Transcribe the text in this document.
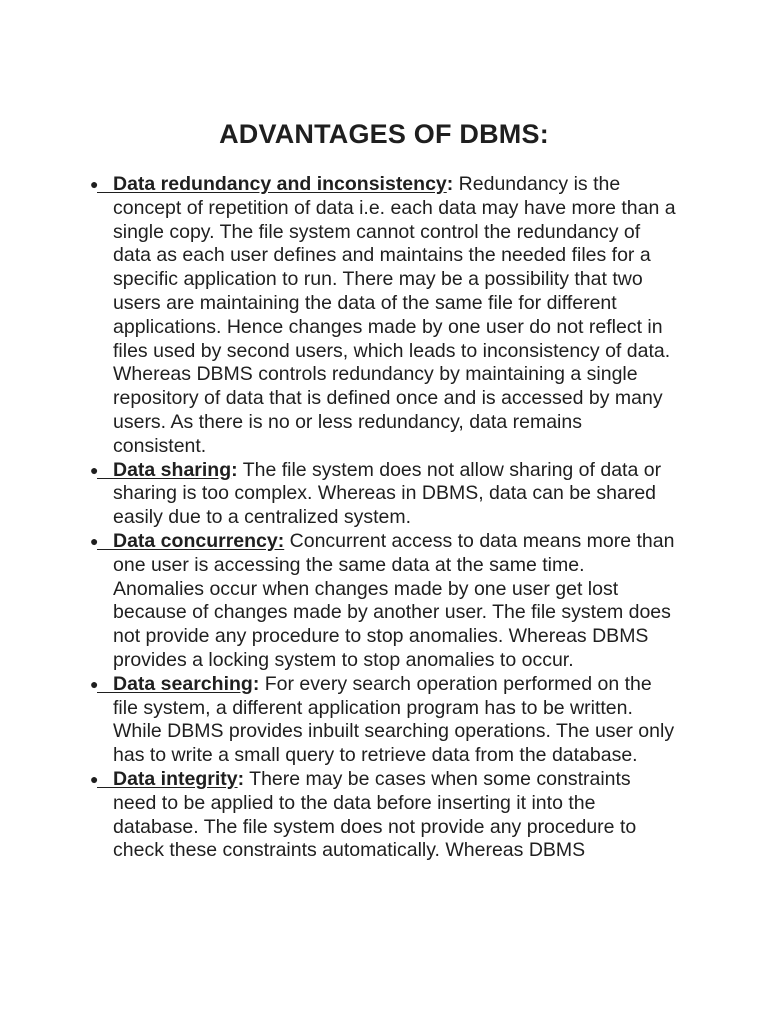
ADVANTAGES OF DBMS:
● Data redundancy and inconsistency: Redundancy is the concept of repetition of data i.e. each data may have more than a single copy. The file system cannot control the redundancy of data as each user defines and maintains the needed files for a specific application to run. There may be a possibility that two users are maintaining the data of the same file for different applications. Hence changes made by one user do not reflect in files used by second users, which leads to inconsistency of data. Whereas DBMS controls redundancy by maintaining a single repository of data that is defined once and is accessed by many users. As there is no or less redundancy, data remains consistent.
● Data sharing: The file system does not allow sharing of data or sharing is too complex. Whereas in DBMS, data can be shared easily due to a centralized system.
● Data concurrency: Concurrent access to data means more than one user is accessing the same data at the same time. Anomalies occur when changes made by one user get lost because of changes made by another user. The file system does not provide any procedure to stop anomalies. Whereas DBMS provides a locking system to stop anomalies to occur.
● Data searching: For every search operation performed on the file system, a different application program has to be written. While DBMS provides inbuilt searching operations. The user only has to write a small query to retrieve data from the database.
● Data integrity: There may be cases when some constraints need to be applied to the data before inserting it into the database. The file system does not provide any procedure to check these constraints automatically. Whereas DBMS
